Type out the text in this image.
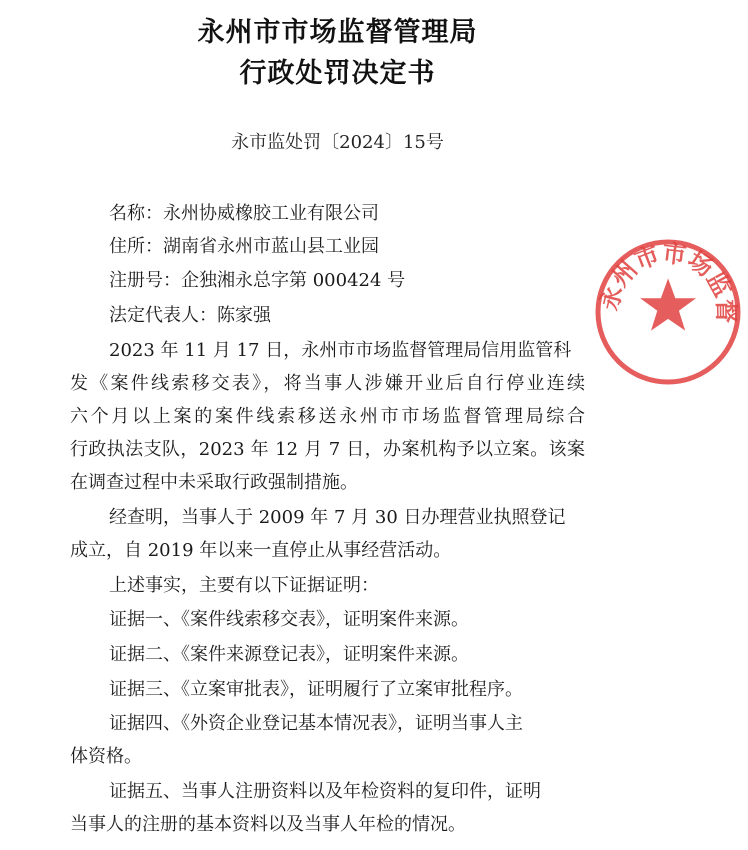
永州市市场监督管理局
行政处罚决定书
永市监处罚〔2024〕15号
名称：永州协威橡胶工业有限公司
住所：湖南省永州市蓝山县工业园
注册号：企独湘永总字第 000424 号
法定代表人：陈家强
2023 年 11 月 17 日，永州市市场监督管理局信用监管科
发《案件线索移交表》，将当事人涉嫌开业后自行停业连续
六个月以上案的案件线索移送永州市市场监督管理局综合
行政执法支队，2023 年 12 月 7 日，办案机构予以立案。该案
在调查过程中未采取行政强制措施。
经查明，当事人于 2009 年 7 月 30 日办理营业执照登记
成立，自 2019 年以来一直停止从事经营活动。
上述事实，主要有以下证据证明：
证据一、《案件线索移交表》，证明案件来源。
证据二、《案件来源登记表》，证明案件来源。
证据三、《立案审批表》，证明履行了立案审批程序。
证据四、《外资企业登记基本情况表》，证明当事人主
体资格。
证据五、当事人注册资料以及年检资料的复印件，证明
当事人的注册的基本资料以及当事人年检的情况。
永州市市场监督
